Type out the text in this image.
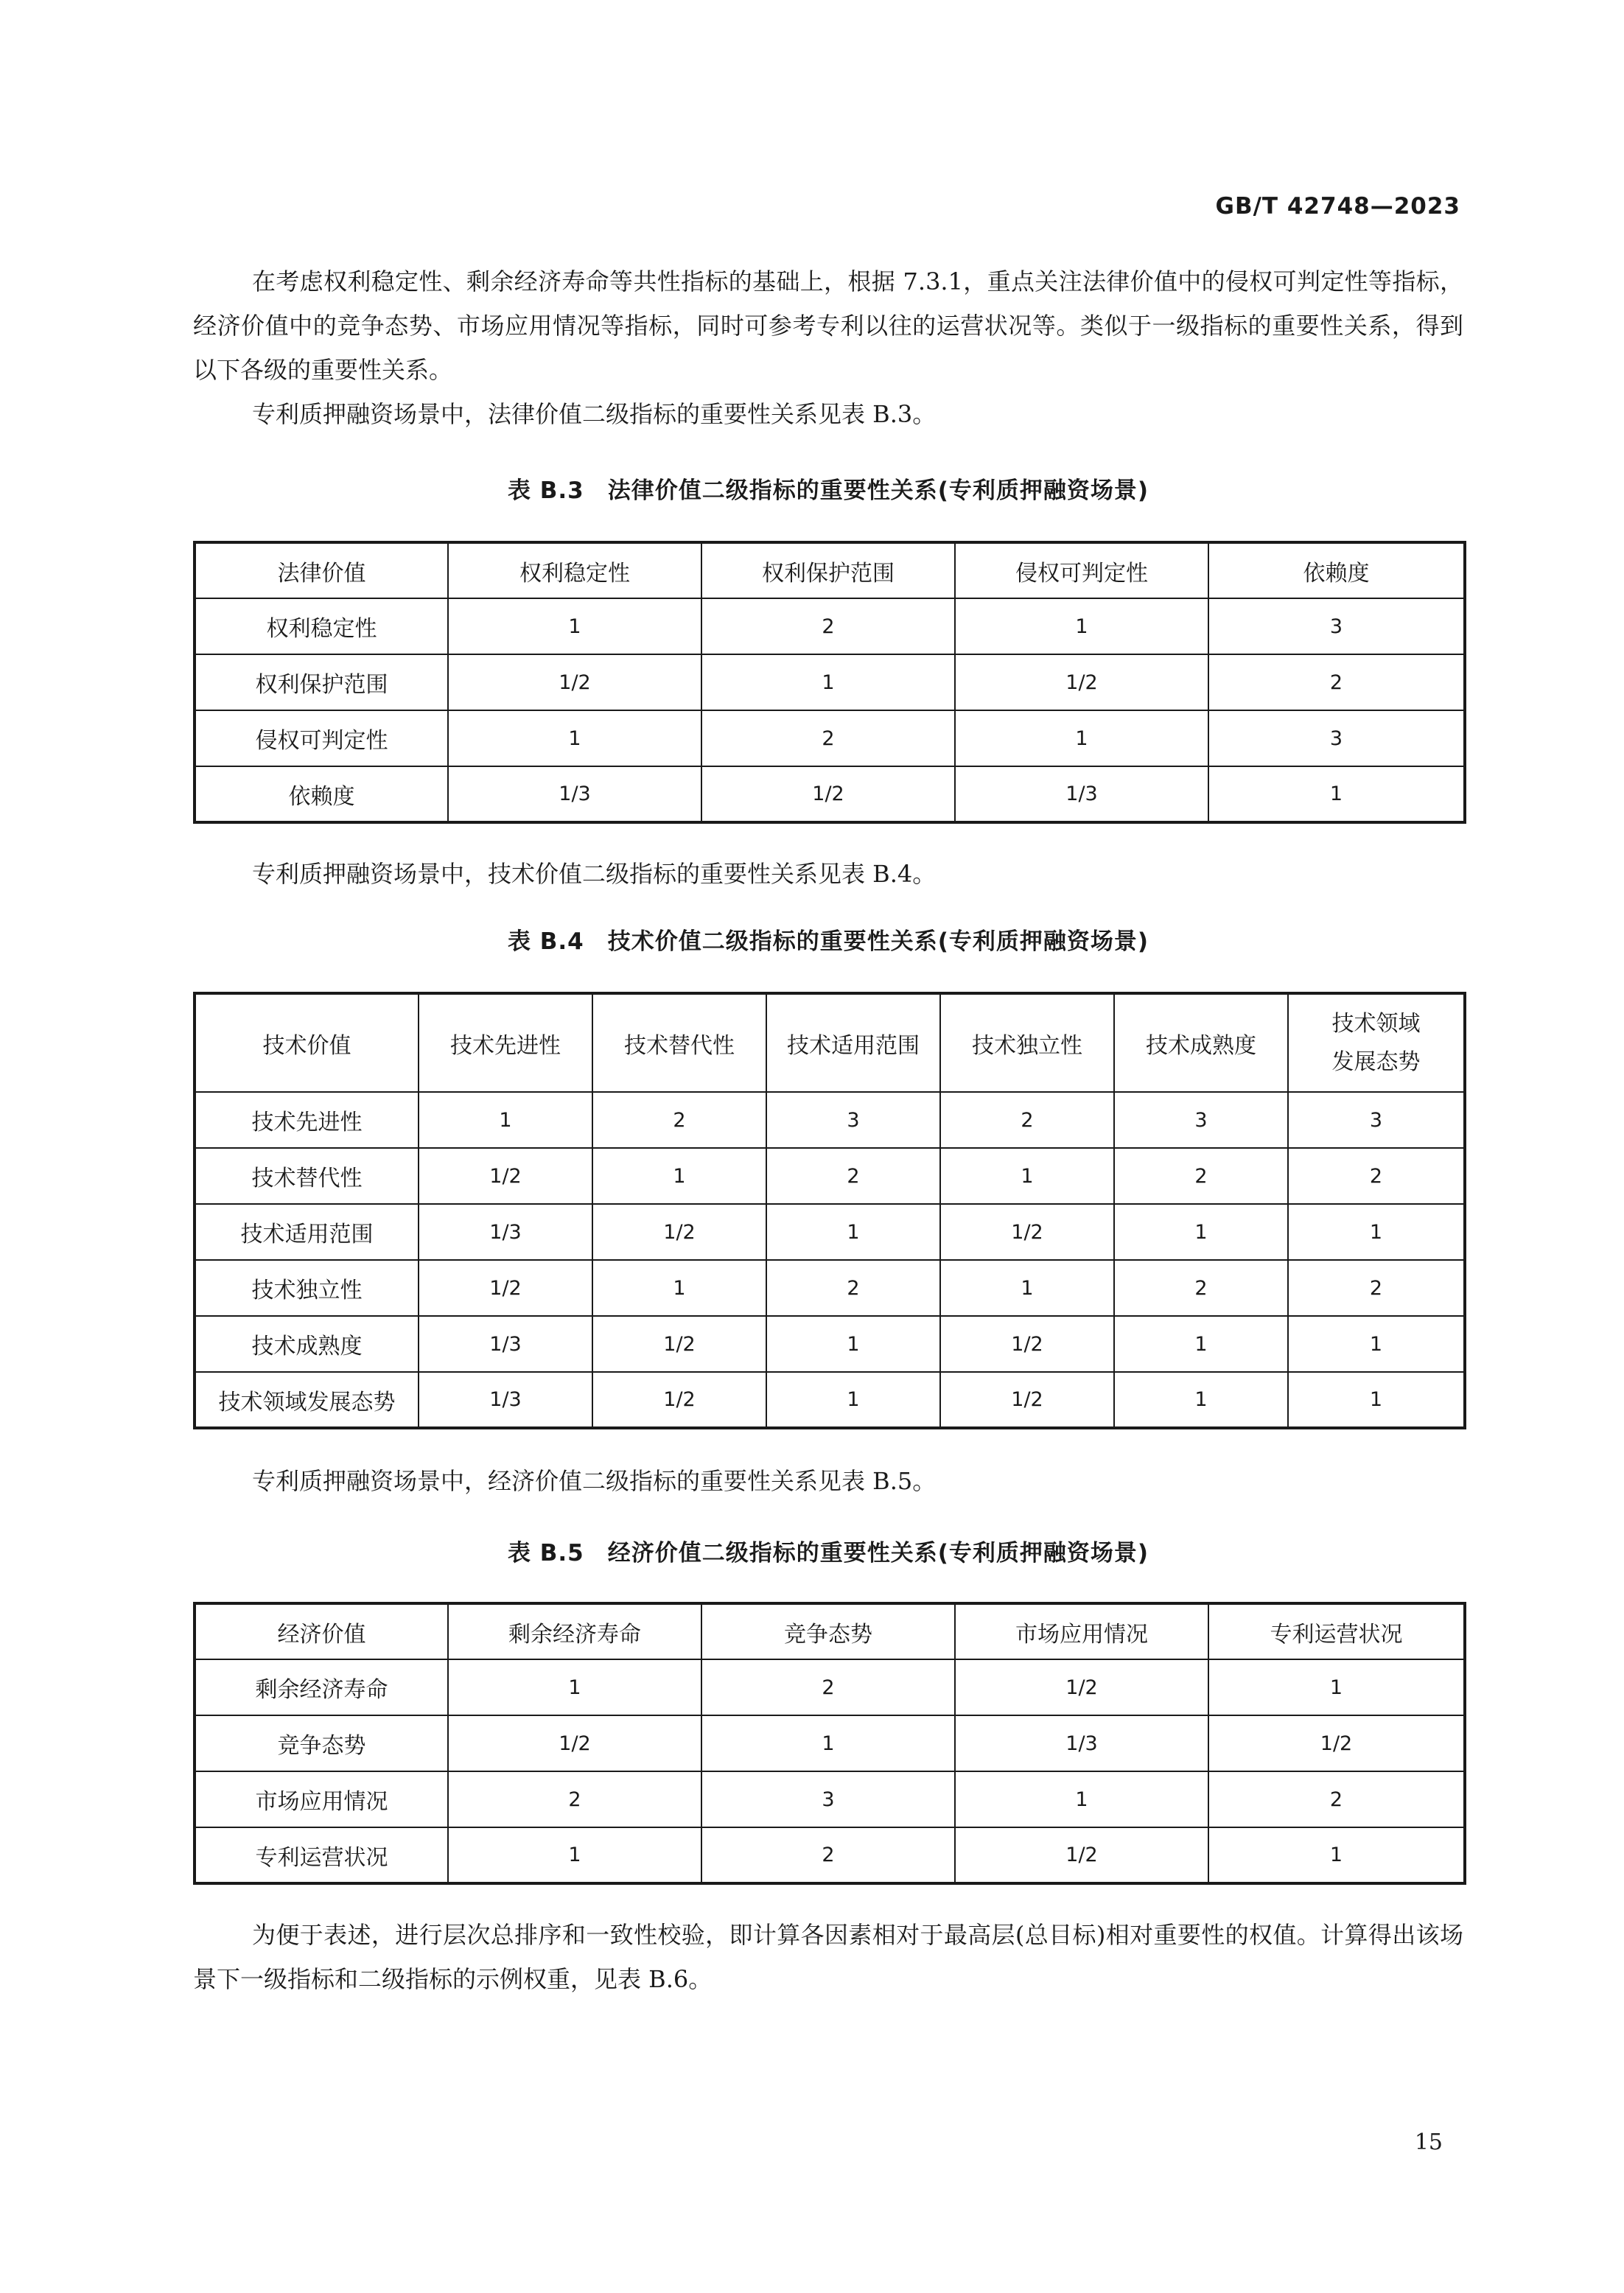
GB/T 42748—2023

在考虑权利稳定性、剩余经济寿命等共性指标的基础上，根据 7.3.1，重点关注法律价值中的侵权可判定性等指标，经济价值中的竞争态势、市场应用情况等指标，同时可参考专利以往的运营状况等。类似于一级指标的重要性关系，得到以下各级的重要性关系。

专利质押融资场景中，法律价值二级指标的重要性关系见表 B.3。

表 B.3　法律价值二级指标的重要性关系(专利质押融资场景)
法律价值	权利稳定性	权利保护范围	侵权可判定性	依赖度
权利稳定性	1	2	1	3
权利保护范围	1/2	1	1/2	2
侵权可判定性	1	2	1	3
依赖度	1/3	1/2	1/3	1

专利质押融资场景中，技术价值二级指标的重要性关系见表 B.4。

表 B.4　技术价值二级指标的重要性关系(专利质押融资场景)
技术价值	技术先进性	技术替代性	技术适用范围	技术独立性	技术成熟度	技术领域
发展态势

技术先进性	1	2	3	2	3	3
技术替代性	1/2	1	2	1	2	2
技术适用范围	1/3	1/2	1	1/2	1	1
技术独立性	1/2	1	2	1	2	2
技术成熟度	1/3	1/2	1	1/2	1	1
技术领域发展态势	1/3	1/2	1	1/2	1	1

专利质押融资场景中，经济价值二级指标的重要性关系见表 B.5。

表 B.5　经济价值二级指标的重要性关系(专利质押融资场景)
经济价值	剩余经济寿命	竞争态势	市场应用情况	专利运营状况
剩余经济寿命	1	2	1/2	1
竞争态势	1/2	1	1/3	1/2
市场应用情况	2	3	1	2
专利运营状况	1	2	1/2	1

为便于表述，进行层次总排序和一致性校验，即计算各因素相对于最高层(总目标)相对重要性的权值。计算得出该场景下一级指标和二级指标的示例权重，见表 B.6。

15
